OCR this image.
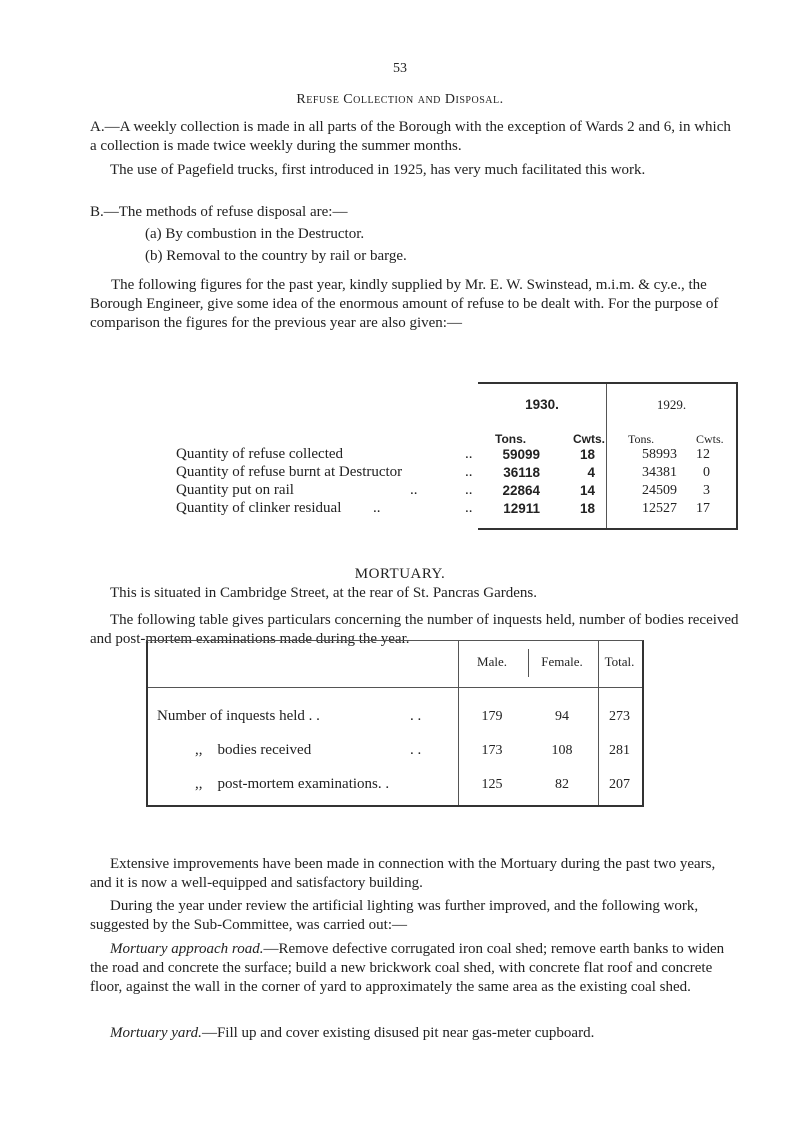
53
Refuse Collection and Disposal.
A.—A weekly collection is made in all parts of the Borough with the exception of Wards 2 and 6, in which a collection is made twice weekly during the summer months.
The use of Pagefield trucks, first introduced in 1925, has very much facilitated this work.
B.—The methods of refuse disposal are:—
(a) By combustion in the Destructor.
(b) Removal to the country by rail or barge.
The following figures for the past year, kindly supplied by Mr. E. W. Swinstead, m.i.m. & cy.e., the Borough Engineer, give some idea of the enormous amount of refuse to be dealt with. For the purpose of comparison the figures for the previous year are also given:—
1930.	1929.
Tons.	Cwts. Tons.	Cwts.
Quantity of refuse collected	..	59099	18	58993 12
Quantity of refuse burnt at Destructor	..	36118	4	34381	0
Quantity put on rail	..	..	22864	14	24509	3
Quantity of clinker residual ..	..	12911	18	12527 17
MORTUARY.
This is situated in Cambridge Street, at the rear of St. Pancras Gardens.
The following table gives particulars concerning the number of inquests held, number of bodies received and post-mortem examinations made during the year.
Male.	Female.	Total.
Number of inquests held . .	. .	179	94	273
,,    bodies received	. .	173	108	281
,,    post-mortem examinations. .	125	82	207
Extensive improvements have been made in connection with the Mortuary during the past two years, and it is now a well-equipped and satisfactory building.
During the year under review the artificial lighting was further improved, and the following work, suggested by the Sub-Committee, was carried out:—
Mortuary approach road.—Remove defective corrugated iron coal shed; remove earth banks to widen the road and concrete the surface; build a new brickwork coal shed, with concrete flat roof and concrete floor, against the wall in the corner of yard to approximately the same area as the existing coal shed.
Mortuary yard.—Fill up and cover existing disused pit near gas-meter cupboard.
